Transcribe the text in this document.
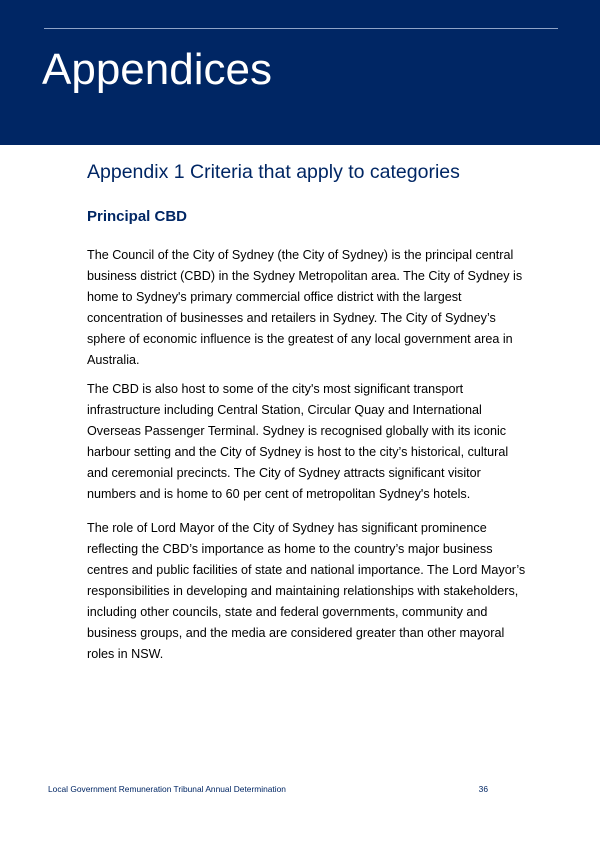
Appendices
Appendix 1 Criteria that apply to categories
Principal CBD

The Council of the City of Sydney (the City of Sydney) is the principal central business district (CBD) in the Sydney Metropolitan area. The City of Sydney is home to Sydney's primary commercial office district with the largest concentration of businesses and retailers in Sydney. The City of Sydney’s sphere of economic influence is the greatest of any local government area in Australia.

The CBD is also host to some of the city's most significant transport infrastructure including Central Station, Circular Quay and International Overseas Passenger Terminal. Sydney is recognised globally with its iconic harbour setting and the City of Sydney is host to the city’s historical, cultural and ceremonial precincts. The City of Sydney attracts significant visitor numbers and is home to 60 per cent of metropolitan Sydney's hotels.

The role of Lord Mayor of the City of Sydney has significant prominence reflecting the CBD’s importance as home to the country’s major business centres and public facilities of state and national importance. The Lord Mayor’s responsibilities in developing and maintaining relationships with stakeholders, including other councils, state and federal governments, community and business groups, and the media are considered greater than other mayoral roles in NSW.

Local Government Remuneration Tribunal Annual Determination	36
